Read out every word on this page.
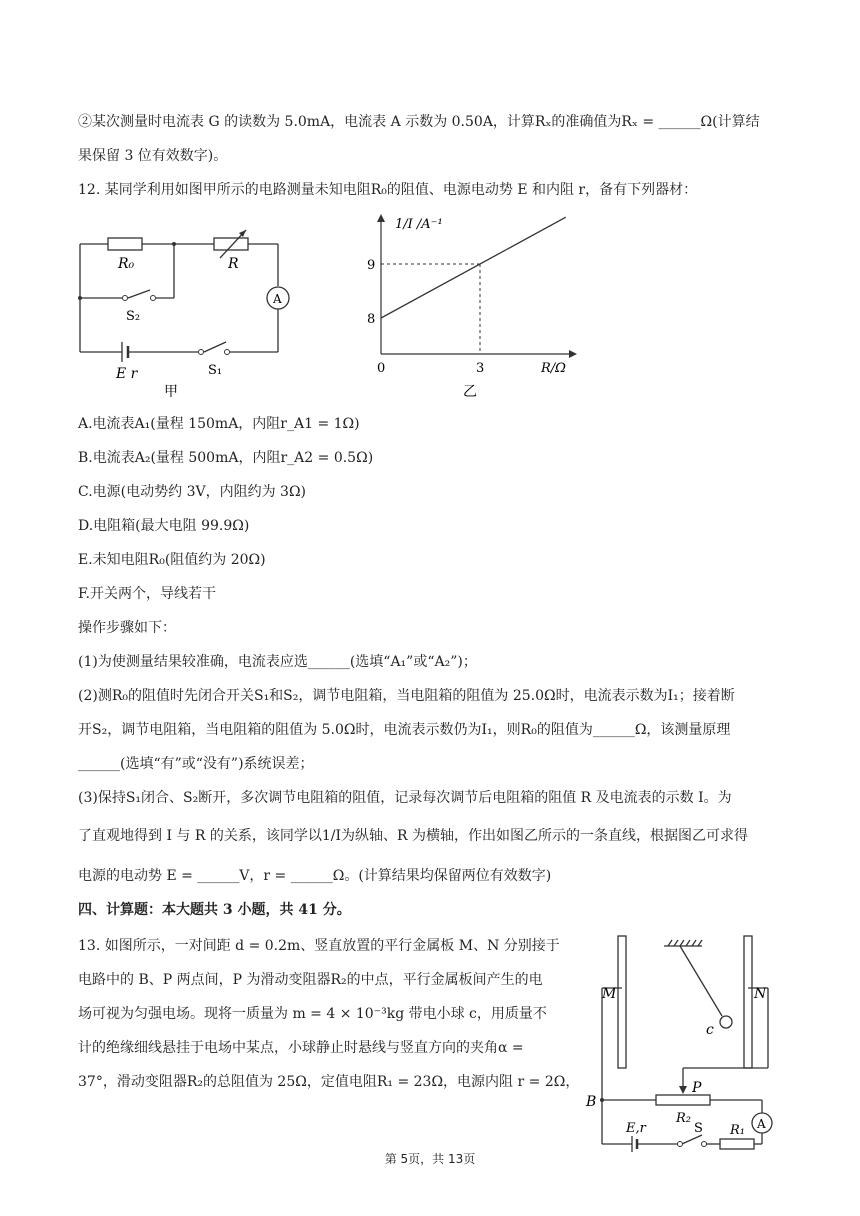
②某次测量时电流表 G 的读数为 5.0mA，电流表 A 示数为 0.50A，计算Rₓ的准确值为Rₓ = ______Ω(计算结
果保留 3 位有效数字)。
12. 某同学利用如图甲所示的电路测量未知电阻R₀的阻值、电源电动势 E 和内阻 r，备有下列器材：
R₀	R
A
S₂
E r	S₁
甲
1/I /A⁻¹
9
8
0	3	R/Ω
乙
A.电流表A₁(量程 150mA，内阻r_A1 = 1Ω)
B.电流表A₂(量程 500mA，内阻r_A2 = 0.5Ω)
C.电源(电动势约 3V，内阻约为 3Ω)
D.电阻箱(最大电阻 99.9Ω)
E.未知电阻R₀(阻值约为 20Ω)
F.开关两个，导线若干
操作步骤如下：
(1)为使测量结果较准确，电流表应选______(选填“A₁”或“A₂”)；
(2)测R₀的阻值时先闭合开关S₁和S₂，调节电阻箱，当电阻箱的阻值为 25.0Ω时，电流表示数为I₁；接着断
开S₂，调节电阻箱，当电阻箱的阻值为 5.0Ω时，电流表示数仍为I₁，则R₀的阻值为______Ω，该测量原理
______(选填“有”或“没有”)系统误差；
(3)保持S₁闭合、S₂断开，多次调节电阻箱的阻值，记录每次调节后电阻箱的阻值 R 及电流表的示数 I。为
了直观地得到 I 与 R 的关系，该同学以1/I为纵轴、R 为横轴，作出如图乙所示的一条直线，根据图乙可求得
电源的电动势 E = ______V，r = ______Ω。(计算结果均保留两位有效数字)
四、计算题：本大题共 3 小题，共 41 分。
13. 如图所示，一对间距 d = 0.2m、竖直放置的平行金属板 M、N 分别接于
电路中的 B、P 两点间，P 为滑动变阻器R₂的中点，平行金属板间产生的电
场可视为匀强电场。现将一质量为 m = 4 × 10⁻³kg 带电小球 c，用质量不
计的绝缘细线悬挂于电场中某点，小球静止时悬线与竖直方向的夹角α =
37°，滑动变阻器R₂的总阻值为 25Ω，定值电阻R₁ = 23Ω，电源内阻 r = 2Ω，
M	N
c
P
B
R₂	A
E,r	S R₁
第 5页，共 13页
